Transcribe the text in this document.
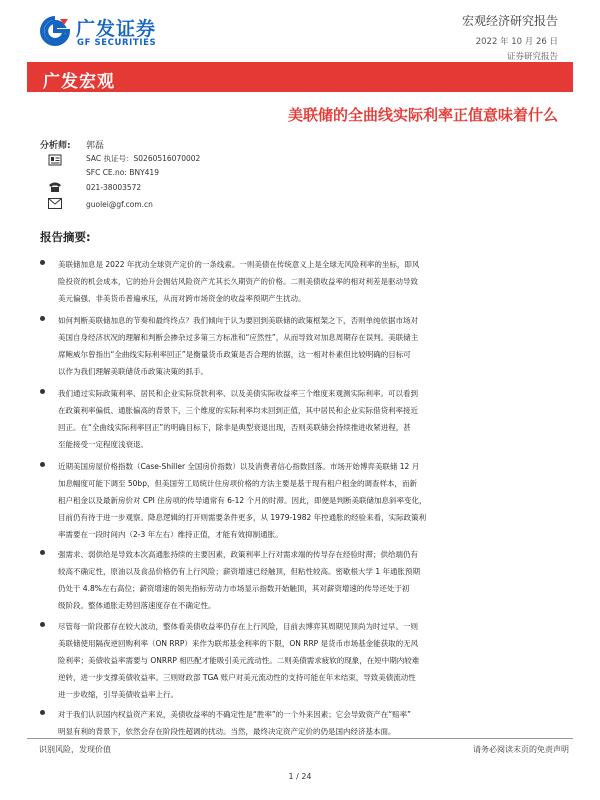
广发证券
GF SECURITIES
宏观经济研究报告
2022 年 10 月 26 日
证券研究报告
广发宏观
美联储的全曲线实际利率正值意味着什么
分析师: 郭磊
SAC 执证号：S0260516070002
SFC CE.no: BNY419
021-38003572
guolei@gf.com.cn
报告摘要:
美联储加息是 2022 年扰动全球资产定价的一条线索。一则美债在传统意义上是全球无风险利率的坐标，即风
险投资的机会成本，它的抬升会拥估风险资产尤其长久期资产的价格。二则美债收益率的相对利差是驱动导致
美元偏强、非美货币普遍承压，从而对跨市场资金的收益率预期产生扰动。
如何判断美联储加息的节奏和最终终点？我们倾向于认为要回到美联储的政策框架之下，否则单纯依据市场对
美国自身经济状况的理解和判断会掺杂过多第三方标准和“应然性”，从而导致对加息周期存在误判。美联储主
席鲍威尔曾指出“全曲线实际利率回正”是衡量货币政策是否合理的依据，这一相对朴素但比较明确的目标可
以作为我们理解美联储货币政策决策的抓手。
我们通过实际政策利率、居民和企业实际贷款利率、以及美债实际收益率三个维度来观测实际利率。可以看到
在政策利率偏低、通胀偏高的背景下，三个维度的实际利率均未回到正值，其中居民和企业实际借贷利率接近
回正。在“全曲线实际利率回正”的明确目标下，除非是典型衰退出现，否则美联储会持续推进收紧进程，甚
至能接受一定程度浅衰退。
近期美国房屋价格指数（Case-Shiller 全国房价指数）以及消费者信心指数回落。市场开始博弈美联储 12 月
加息幅度可能下调至 50bp，但美国劳工局统计住房项价格的方法主要是基于现有租户租金的调查样本，而新
租户租金以及最新房价对 CPI 住房项的传导通常有 6-12 个月的时滞。因此，即便是判断美联储加息斜率变化，
目前仍有待于进一步观察。降息逻辑的打开则需要条件更多，从 1979-1982 年控通胀的经验来看，实际政策利
率需要在一段时间内（2-3 年左右）维持正值，才能有效抑制通胀。
强需求、弱供给是导致本次高通胀持续的主要因素，政策利率上行对需求端的传导存在经验时滞；供给端仍有
较高不确定性，原油以及食品价格仍有上行风险；薪资增速已经触顶，但粘性较高。密歇根大学 1 年通胀预期
仍处于 4.8%左右高位；薪资增速的领先指标劳动力市场显示指数开始触顶，其对薪资增速的传导还处于初
级阶段。整体通胀走势回落速度存在不确定性。
尽管每一阶段都存在较大波动，整体看美债收益率仍存在上行风险，目前去博弈其周期见顶尚为时过早。一则
美联储使用隔夜逆回购利率（ON RRP）来作为联邦基金利率的下限，ON RRP 是货币市场基金能获取的无风
险利率；美债收益率需要与 ONRRP 相匹配才能吸引美元流动性。二则美债需求疲软的现象，在短中期内较难
逆转，进一步支撑美债收益率。三则财政部 TGA 账户对美元流动性的支持可能在年末结束，导致美债流动性
进一步收缩，引导美债收益率上行。
对于我们认识国内权益资产来说，美债收益率的不确定性是“胜率”的一个外来因素；它会导致资产在“赔率”
明显有利的背景下，依然会存在阶段性超调的扰动。当然，最终决定资产定价的仍是国内经济基本面。
识别风险，发现价值	请务必阅读末页的免责声明
1 / 24
